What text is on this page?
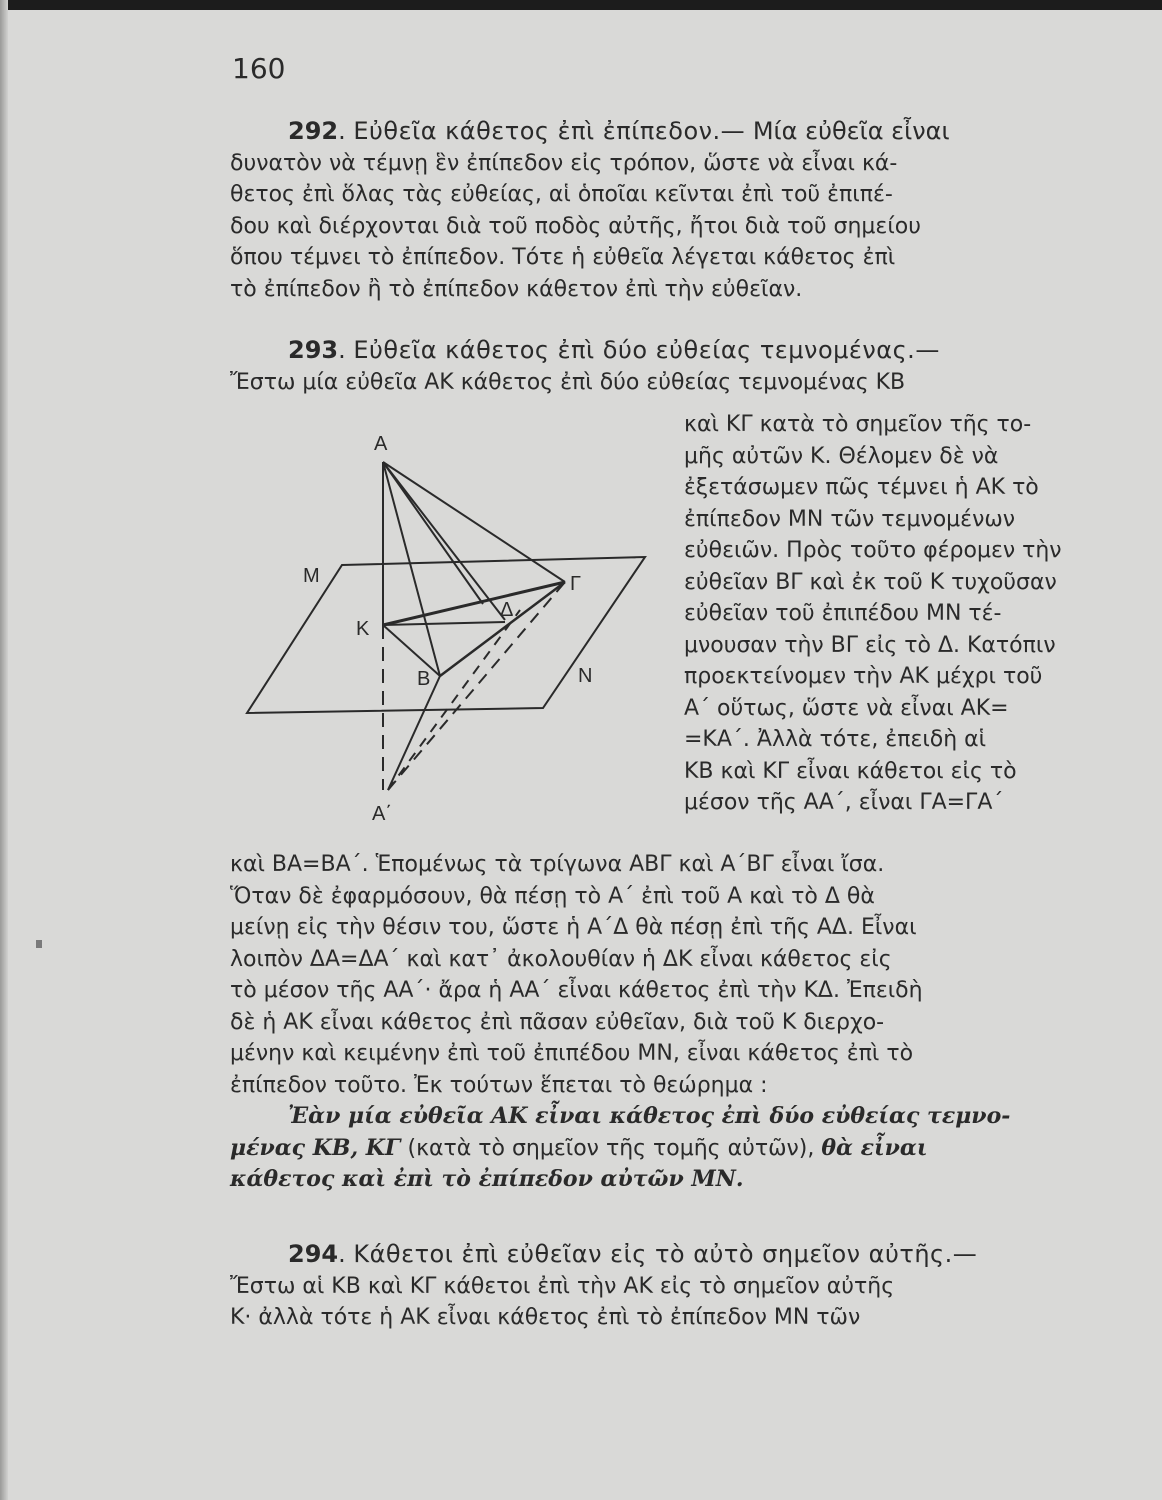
160
292. Εὐθεῖα κάθετος ἐπὶ ἐπίπεδον.— Μία εὐθεῖα εἶναι
δυνατὸν νὰ τέμνῃ ἓν ἐπίπεδον εἰς τρόπον, ὥστε νὰ εἶναι κά-
θετος ἐπὶ ὅλας τὰς εὐθείας, αἱ ὁποῖαι κεῖνται ἐπὶ τοῦ ἐπιπέ-
δου καὶ διέρχονται διὰ τοῦ ποδὸς αὐτῆς, ἤτοι διὰ τοῦ σημείου
ὅπου τέμνει τὸ ἐπίπεδον. Τότε ἡ εὐθεῖα λέγεται κάθετος ἐπὶ
τὸ ἐπίπεδον ἢ τὸ ἐπίπεδον κάθετον ἐπὶ τὴν εὐθεῖαν.
293. Εὐθεῖα κάθετος ἐπὶ δύο εὐθείας τεμνομένας.—
Ἔστω μία εὐθεῖα ΑΚ κάθετος ἐπὶ δύο εὐθείας τεμνομένας ΚΒ
καὶ ΚΓ κατὰ τὸ σημεῖον τῆς το-
μῆς αὐτῶν Κ. Θέλομεν δὲ νὰ
ἐξετάσωμεν πῶς τέμνει ἡ ΑΚ τὸ
ἐπίπεδον ΜΝ τῶν τεμνομένων
εὐθειῶν. Πρὸς τοῦτο φέρομεν τὴν
εὐθεῖαν ΒΓ καὶ ἐκ τοῦ Κ τυχοῦσαν
εὐθεῖαν τοῦ ἐπιπέδου ΜΝ τέ-
μνουσαν τὴν ΒΓ εἰς τὸ Δ. Κατόπιν
προεκτείνομεν τὴν ΑΚ μέχρι τοῦ
Α΄ οὕτως, ὥστε νὰ εἶναι ΑΚ=
=ΚΑ΄. Ἀλλὰ τότε, ἐπειδὴ αἱ
ΚΒ καὶ ΚΓ εἶναι κάθετοι εἰς τὸ
μέσον τῆς ΑΑ΄, εἶναι ΓΑ=ΓΑ΄
Α
Μ
Κ
Β	Ν
Γ
Δ
Α΄
καὶ ΒΑ=ΒΑ΄. Ἑπομένως τὰ τρίγωνα ΑΒΓ καὶ Α΄ΒΓ εἶναι ἴσα.
Ὅταν δὲ ἐφαρμόσουν, θὰ πέσῃ τὸ Α΄ ἐπὶ τοῦ Α καὶ τὸ Δ θὰ
μείνῃ εἰς τὴν θέσιν του, ὥστε ἡ Α΄Δ θὰ πέσῃ ἐπὶ τῆς ΑΔ. Εἶναι
λοιπὸν ΔΑ=ΔΑ΄ καὶ κατ᾽ ἀκολουθίαν ἡ ΔΚ εἶναι κάθετος εἰς
τὸ μέσον τῆς ΑΑ΄· ἄρα ἡ ΑΑ΄ εἶναι κάθετος ἐπὶ τὴν ΚΔ. Ἐπειδὴ
δὲ ἡ ΑΚ εἶναι κάθετος ἐπὶ πᾶσαν εὐθεῖαν, διὰ τοῦ Κ διερχο-
μένην καὶ κειμένην ἐπὶ τοῦ ἐπιπέδου ΜΝ, εἶναι κάθετος ἐπὶ τὸ
ἐπίπεδον τοῦτο. Ἐκ τούτων ἕπεται τὸ θεώρημα :
Ἐὰν μία εὐθεῖα ΑΚ εἶναι κάθετος ἐπὶ δύο εὐθείας τεμνο-
μένας ΚΒ, ΚΓ (κατὰ τὸ σημεῖον τῆς τομῆς αὐτῶν), θὰ εἶναι
κάθετος καὶ ἐπὶ τὸ ἐπίπεδον αὐτῶν ΜΝ.
294. Κάθετοι ἐπὶ εὐθεῖαν εἰς τὸ αὐτὸ σημεῖον αὐτῆς.—
Ἔστω αἱ ΚΒ καὶ ΚΓ κάθετοι ἐπὶ τὴν ΑΚ εἰς τὸ σημεῖον αὐτῆς
Κ· ἀλλὰ τότε ἡ ΑΚ εἶναι κάθετος ἐπὶ τὸ ἐπίπεδον ΜΝ τῶν
